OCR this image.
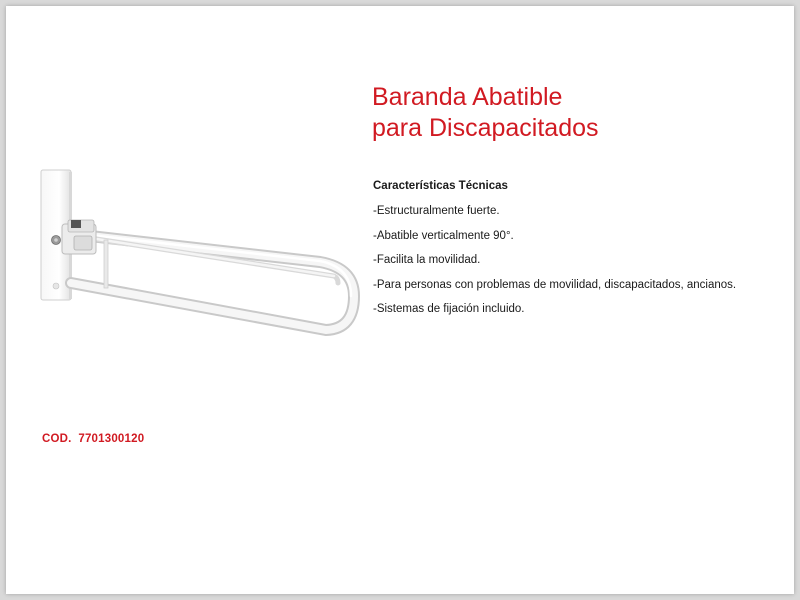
Baranda Abatible
para Discapacitados
Características Técnicas
-Estructuralmente fuerte.
-Abatible verticalmente 90°.
-Facilita la movilidad.
-Para personas con problemas de movilidad, discapacitados, ancianos.
-Sistemas de fijación incluido.
COD. 7701300120
